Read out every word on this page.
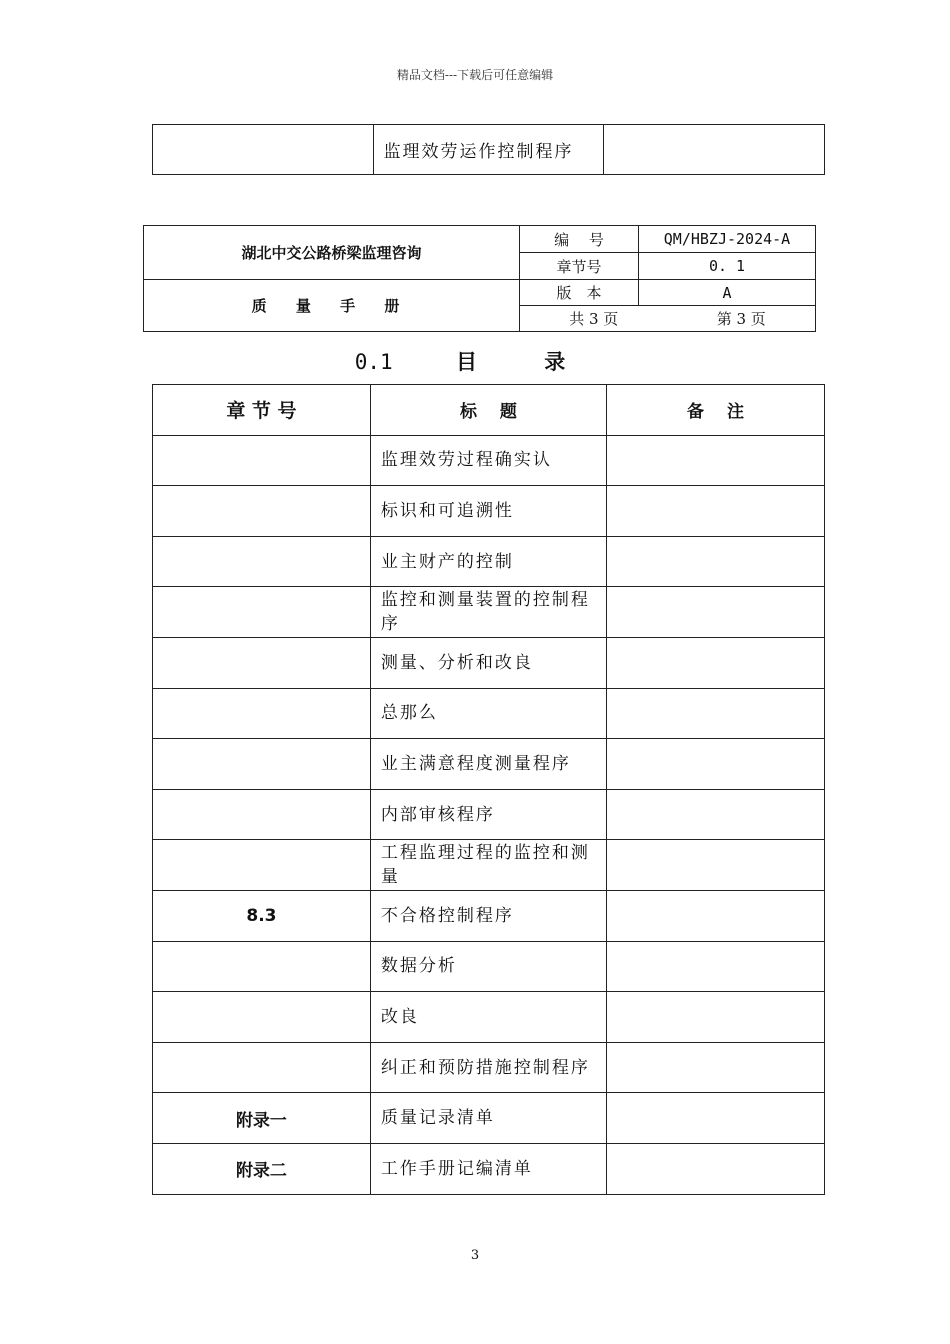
精品文档---下载后可任意编辑
	监理效劳运作控制程序	
湖北中交公路桥梁监理咨询	编　 号	QM/HBZJ-2024-A
	章节号	0. 1
质 量 手 册	版　本	A

	共 3 页 第 3 页	
0.1	目 录
章 节 号	标　 题	备　 注
	监理效劳过程确实认	
	标识和可追溯性	
	业主财产的控制	
	监控和测量装置的控制程序	
	测量、分析和改良	
	总那么	
	业主满意程度测量程序	
	内部审核程序	
	工程监理过程的监控和测量	
8.3	不合格控制程序	
	数据分析	
	改良	
	纠正和预防措施控制程序	
附录一	质量记录清单	
附录二	工作手册记编清单	
3
